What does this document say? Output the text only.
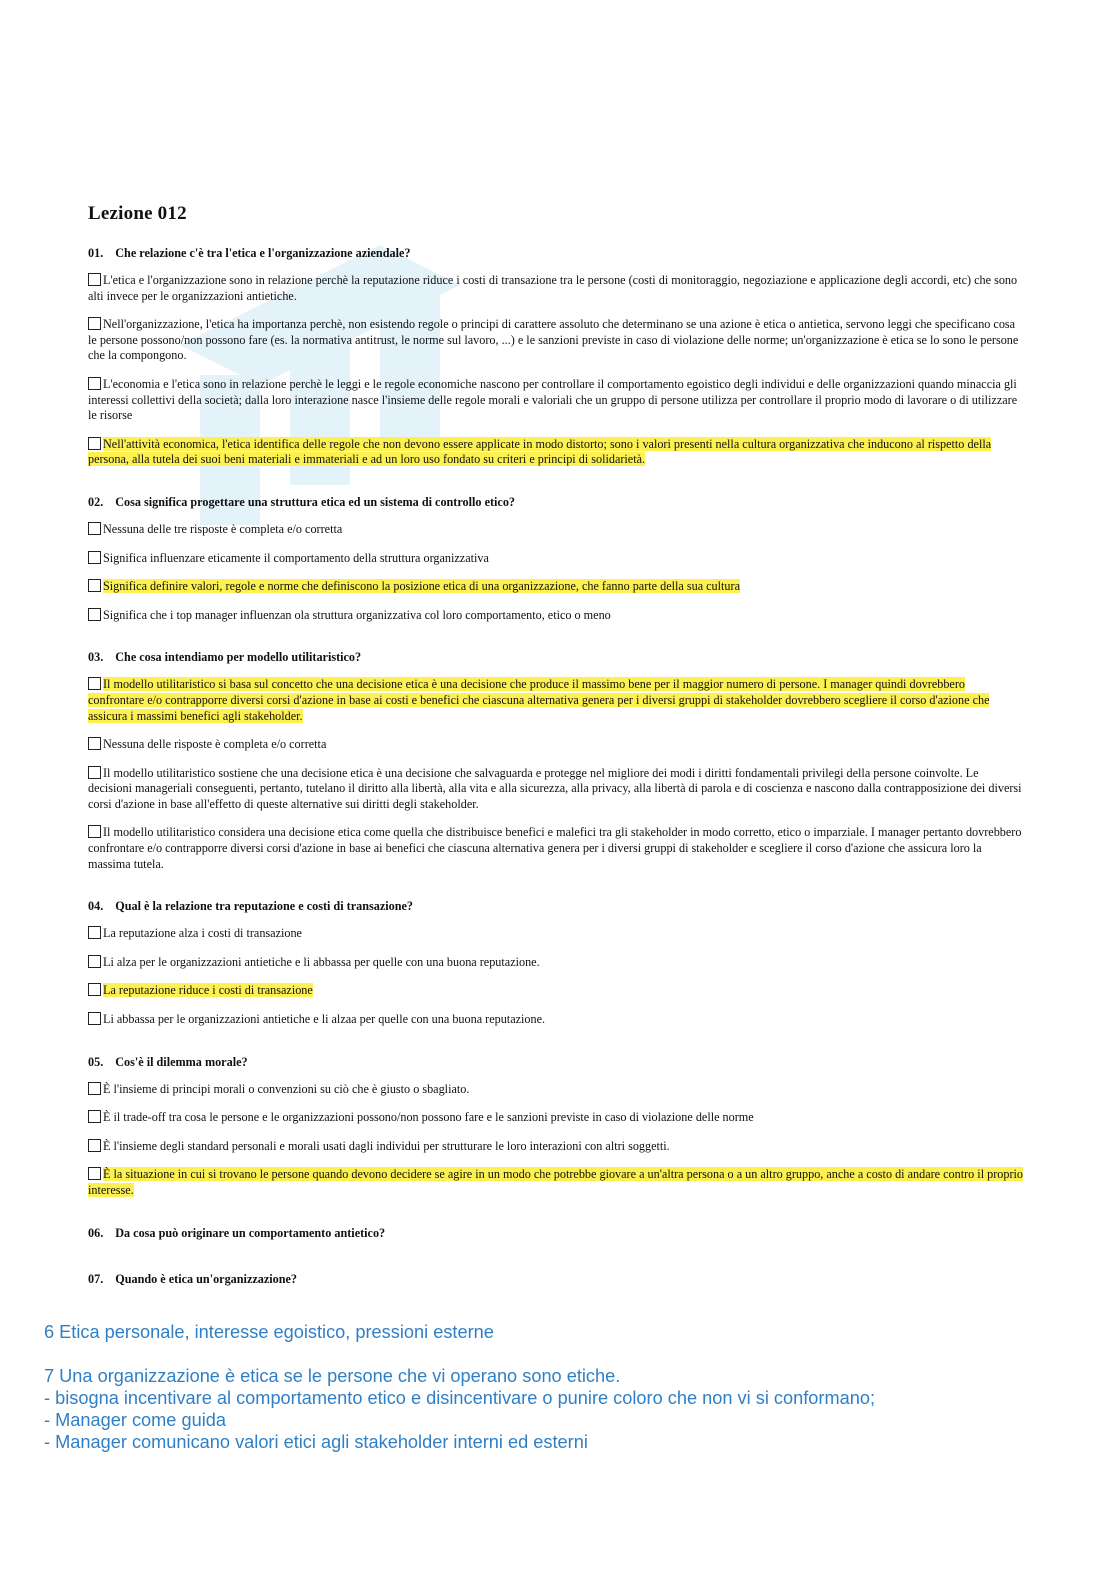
Lezione 012

01. Che relazione c'è tra l'etica e l'organizzazione aziendale?

L'etica e l'organizzazione sono in relazione perchè la reputazione riduce i costi di transazione tra le persone (costi di monitoraggio, negoziazione e applicazione degli accordi, etc) che sono alti invece per le organizzazioni antietiche.
Nell'organizzazione, l'etica ha importanza perchè, non esistendo regole o principi di carattere assoluto che determinano se una azione è etica o antietica, servono leggi che specificano cosa le persone possono/non possono fare (es. la normativa antitrust, le norme sul lavoro, ...) e le sanzioni previste in caso di violazione delle norme; un'organizzazione è etica se lo sono le persone che la compongono.
L'economia e l'etica sono in relazione perchè le leggi e le regole economiche nascono per controllare il comportamento egoistico degli individui e delle organizzazioni quando minaccia gli interessi collettivi della società; dalla loro interazione nasce l'insieme delle regole morali e valoriali che un gruppo di persone utilizza per controllare il proprio modo di lavorare o di utilizzare le risorse
Nell'attività economica, l'etica identifica delle regole che non devono essere applicate in modo distorto; sono i valori presenti nella cultura organizzativa che inducono al rispetto della persona, alla tutela dei suoi beni materiali e immateriali e ad un loro uso fondato su criteri e principi di solidarietà.

02. Cosa significa progettare una struttura etica ed un sistema di controllo etico?

Nessuna delle tre risposte è completa e/o corretta
Significa influenzare eticamente il comportamento della struttura organizzativa
Significa definire valori, regole e norme che definiscono la posizione etica di una organizzazione, che fanno parte della sua cultura
Significa che i top manager influenzan ola struttura organizzativa col loro comportamento, etico o meno

03. Che cosa intendiamo per modello utilitaristico?

Il modello utilitaristico si basa sul concetto che una decisione etica è una decisione che produce il massimo bene per il maggior numero di persone. I manager quindi dovrebbero confrontare e/o contrapporre diversi corsi d'azione in base ai costi e benefici che ciascuna alternativa genera per i diversi gruppi di stakeholder dovrebbero scegliere il corso d'azione che assicura i massimi benefici agli stakeholder.
Nessuna delle risposte è completa e/o corretta
Il modello utilitaristico sostiene che una decisione etica è una decisione che salvaguarda e protegge nel migliore dei modi i diritti fondamentali privilegi della persone coinvolte. Le decisioni manageriali conseguenti, pertanto, tutelano il diritto alla libertà, alla vita e alla sicurezza, alla privacy, alla libertà di parola e di coscienza e nascono dalla contrapposizione dei diversi corsi d'azione in base all'effetto di queste alternative sui diritti degli stakeholder.
Il modello utilitaristico considera una decisione etica come quella che distribuisce benefici e malefici tra gli stakeholder in modo corretto, etico o imparziale. I manager pertanto dovrebbero confrontare e/o contrapporre diversi corsi d'azione in base ai benefici che ciascuna alternativa genera per i diversi gruppi di stakeholder e scegliere il corso d'azione che assicura loro la massima tutela.

04. Qual è la relazione tra reputazione e costi di transazione?

La reputazione alza i costi di transazione
Li alza per le organizzazioni antietiche e li abbassa per quelle con una buona reputazione.
La reputazione riduce i costi di transazione
Li abbassa per le organizzazioni antietiche e li alzaa per quelle con una buona reputazione.

05. Cos'è il dilemma morale?

È l'insieme di principi morali o convenzioni su ciò che è giusto o sbagliato.
È il trade-off tra cosa le persone e le organizzazioni possono/non possono fare e le sanzioni previste in caso di violazione delle norme
È l'insieme degli standard personali e morali usati dagli individui per strutturare le loro interazioni con altri soggetti.
È la situazione in cui si trovano le persone quando devono decidere se agire in un modo che potrebbe giovare a un'altra persona o a un altro gruppo, anche a costo di andare contro il proprio interesse.

06. Da cosa può originare un comportamento antietico?

07. Quando è etica un'organizzazione?

6 Etica personale, interesse egoistico, pressioni esterne
7 Una organizzazione è etica se le persone che vi operano sono etiche.
- bisogna incentivare al comportamento etico e disincentivare o punire coloro che non vi si conformano;
- Manager come guida
- Manager comunicano valori etici agli stakeholder interni ed esterni
